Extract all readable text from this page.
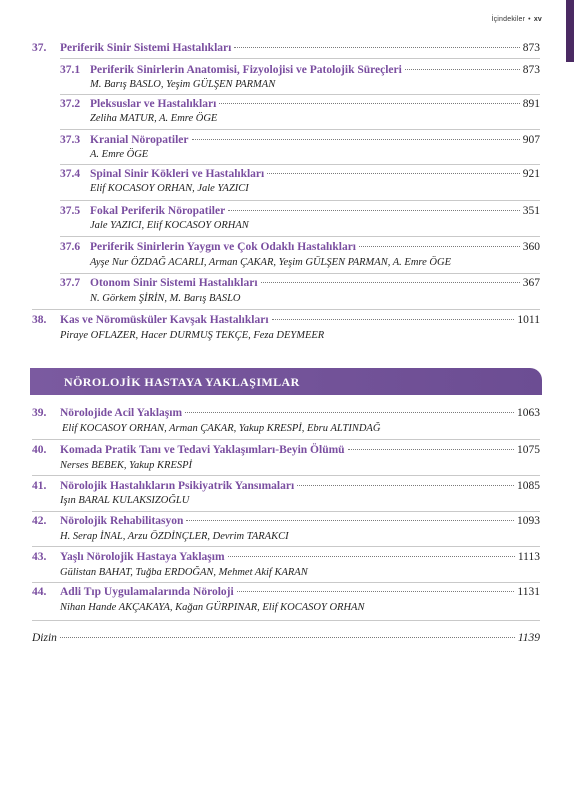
İçindekiler • xv
37.	Periferik Sinir Sistemi Hastalıkları	873
37.1 Periferik Sinirlerin Anatomisi, Fizyolojisi ve Patolojik Süreçleri	873
M. Barış BASLO, Yeşim GÜLŞEN PARMAN
37.2 Pleksuslar ve Hastalıkları	891
Zeliha MATUR, A. Emre ÖGE
37.3 Kranial Nöropatiler	907
A. Emre ÖGE
37.4 Spinal Sinir Kökleri ve Hastalıkları	921
Elif KOCASOY ORHAN, Jale YAZICI
37.5 Fokal Periferik Nöropatiler	351
Jale YAZICI, Elif KOCASOY ORHAN
37.6 Periferik Sinirlerin Yaygın ve Çok Odaklı Hastalıkları	360
Ayşe Nur ÖZDAĞ ACARLI, Arman ÇAKAR, Yeşim GÜLŞEN PARMAN, A. Emre ÖGE
37.7 Otonom Sinir Sistemi Hastalıkları	367
N. Görkem ŞİRİN, M. Barış BASLO
38.	Kas ve Nöromüsküler Kavşak Hastalıkları	1011
Piraye OFLAZER, Hacer DURMUŞ TEKÇE, Feza DEYMEER
NÖROLOJİK HASTAYA YAKLAŞIMLAR
39.	Nörolojide Acil Yaklaşım	1063
Elif KOCASOY ORHAN, Arman ÇAKAR, Yakup KRESPİ, Ebru ALTINDAĞ
40.	Komada Pratik Tanı ve Tedavi Yaklaşımları-Beyin Ölümü	1075
Nerses BEBEK, Yakup KRESPİ
41.	Nörolojik Hastalıkların Psikiyatrik Yansımaları	1085
Işın BARAL KULAKSIZOĞLU
42.	Nörolojik Rehabilitasyon	1093
H. Serap İNAL, Arzu ÖZDİNÇLER, Devrim TARAKCI
43.	Yaşlı Nörolojik Hastaya Yaklaşım	1113
Gülistan BAHAT, Tuğba ERDOĞAN, Mehmet Akif KARAN
44.	Adli Tıp Uygulamalarında Nöroloji	1131
Nihan Hande AKÇAKAYA, Kağan GÜRPINAR, Elif KOCASOY ORHAN
Dizin	1139
